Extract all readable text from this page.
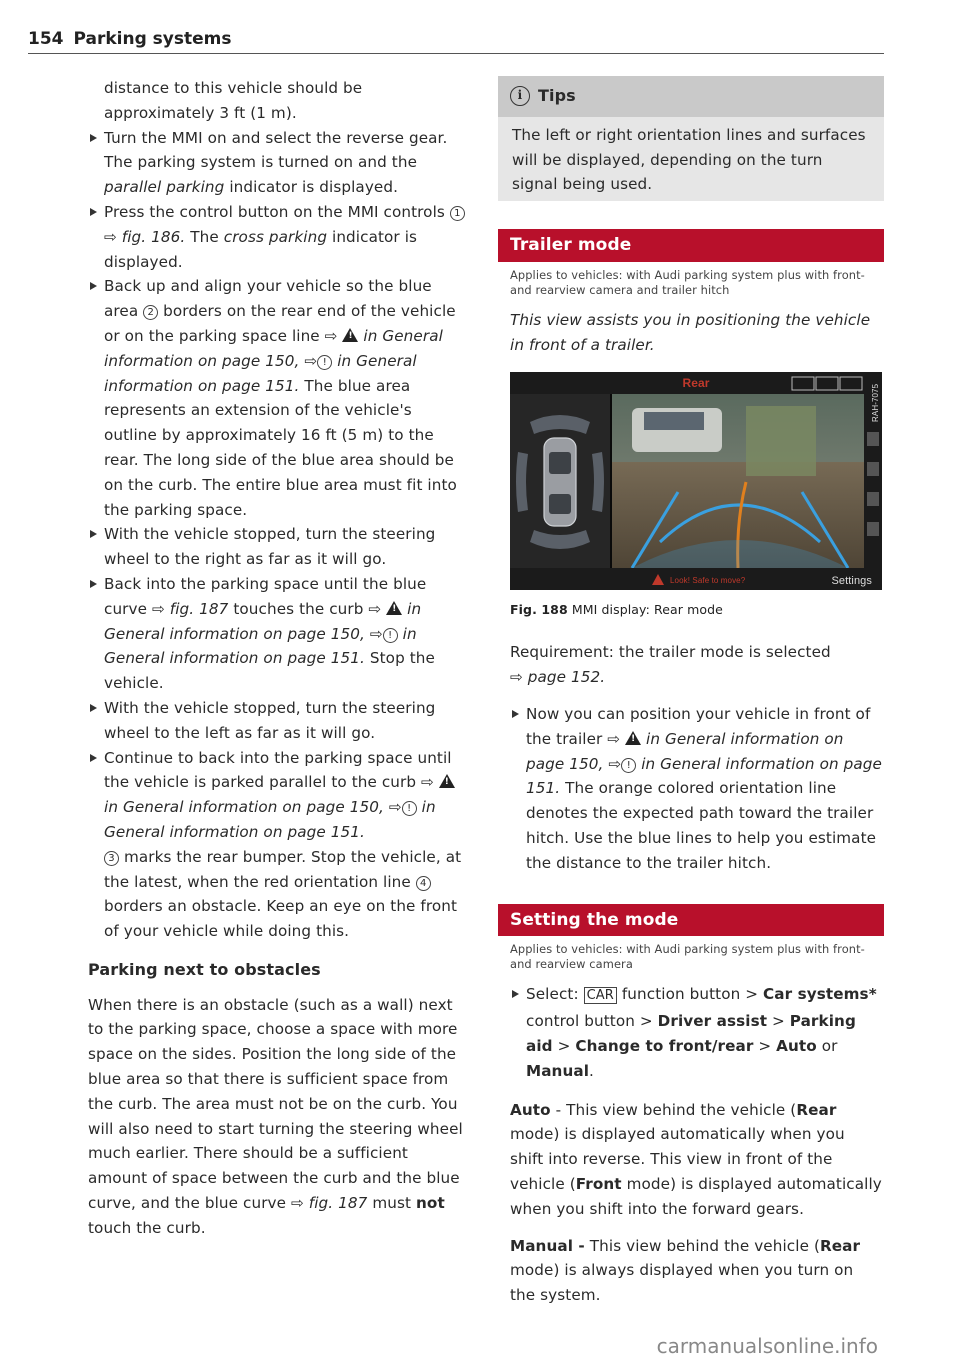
154 Parking systems

distance to this vehicle should be approximately 3 ft (1 m).

Turn the MMI on and select the reverse gear. The parking system is turned on and the parallel parking indicator is displayed.

Press the control button on the MMI controls 1 ⇨ fig. 186. The cross parking indicator is displayed.

Back up and align your vehicle so the blue area 2 borders on the rear end of the vehicle or on the parking space line ⇨ ! in General information on page 150, ⇨ ! in General information on page 151. The blue area represents an extension of the vehicle's outline by approximately 16 ft (5 m) to the rear. The long side of the blue area should be on the curb. The entire blue area must fit into the parking space.

With the vehicle stopped, turn the steering wheel to the right as far as it will go.

Back into the parking space until the blue curve ⇨ fig. 187 touches the curb ⇨ ! in General information on page 150, ⇨ ! in General information on page 151. Stop the vehicle.

With the vehicle stopped, turn the steering wheel to the left as far as it will go.

Continue to back into the parking space until the vehicle is parked parallel to the curb ⇨ ! in General information on page 150, ⇨ ! in General information on page 151.

3 marks the rear bumper. Stop the vehicle, at the latest, when the red orientation line 4 borders an obstacle. Keep an eye on the front of your vehicle while doing this.

Parking next to obstacles

When there is an obstacle (such as a wall) next to the parking space, choose a space with more space on the sides. Position the long side of the blue area so that there is sufficient space from the curb. The area must not be on the curb. You will also need to start turning the steering wheel much earlier. There should be a sufficient amount of space between the curb and the blue curve, and the blue curve ⇨ fig. 187 must not touch the curb.

i Tips

The left or right orientation lines and surfaces will be displayed, depending on the turn signal being used.

Trailer mode

Applies to vehicles: with Audi parking system plus with front- and rearview camera and trailer hitch

This view assists you in positioning the vehicle in front of a trailer.

Rear
RAH-7075
Look! Safe to move?	Settings

Fig. 188 MMI display: Rear mode

Requirement: the trailer mode is selected
⇨ page 152.

Now you can position your vehicle in front of the trailer ⇨ ! in General information on page 150, ⇨ ! in General information on page 151. The orange colored orientation line denotes the expected path toward the trailer hitch. Use the blue lines to help you estimate the distance to the trailer hitch.

Setting the mode

Applies to vehicles: with Audi parking system plus with front- and rearview camera

Select: CAR function button > Car systems* control button > Driver assist > Parking aid > Change to front/rear > Auto or Manual.

Auto - This view behind the vehicle (Rear mode) is displayed automatically when you shift into reverse. This view in front of the vehicle (Front mode) is displayed automatically when you shift into the forward gears.

Manual - This view behind the vehicle (Rear mode) is always displayed when you turn on the system.

carmanualsonline.info
